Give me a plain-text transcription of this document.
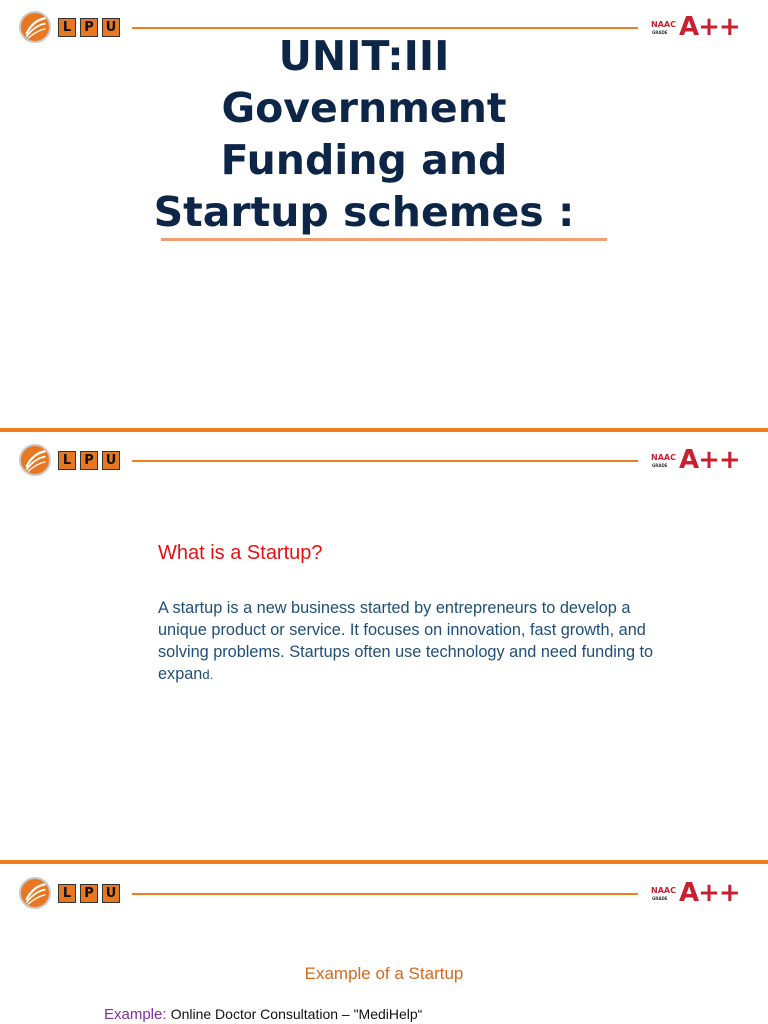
L	P U	NAAC
GRADE A++
UNIT:III
Government
Funding and
Startup schemes :
L	P U	NAAC
GRADE A++
What is a Startup?
A startup is a new business started by entrepreneurs to develop a unique product or service. It focuses on innovation, fast growth, and solving problems. Startups often use technology and need funding to expand.
L	P U	NAAC
GRADE A++
Example of a Startup
Example: Online Doctor Consultation – "MediHelp“
